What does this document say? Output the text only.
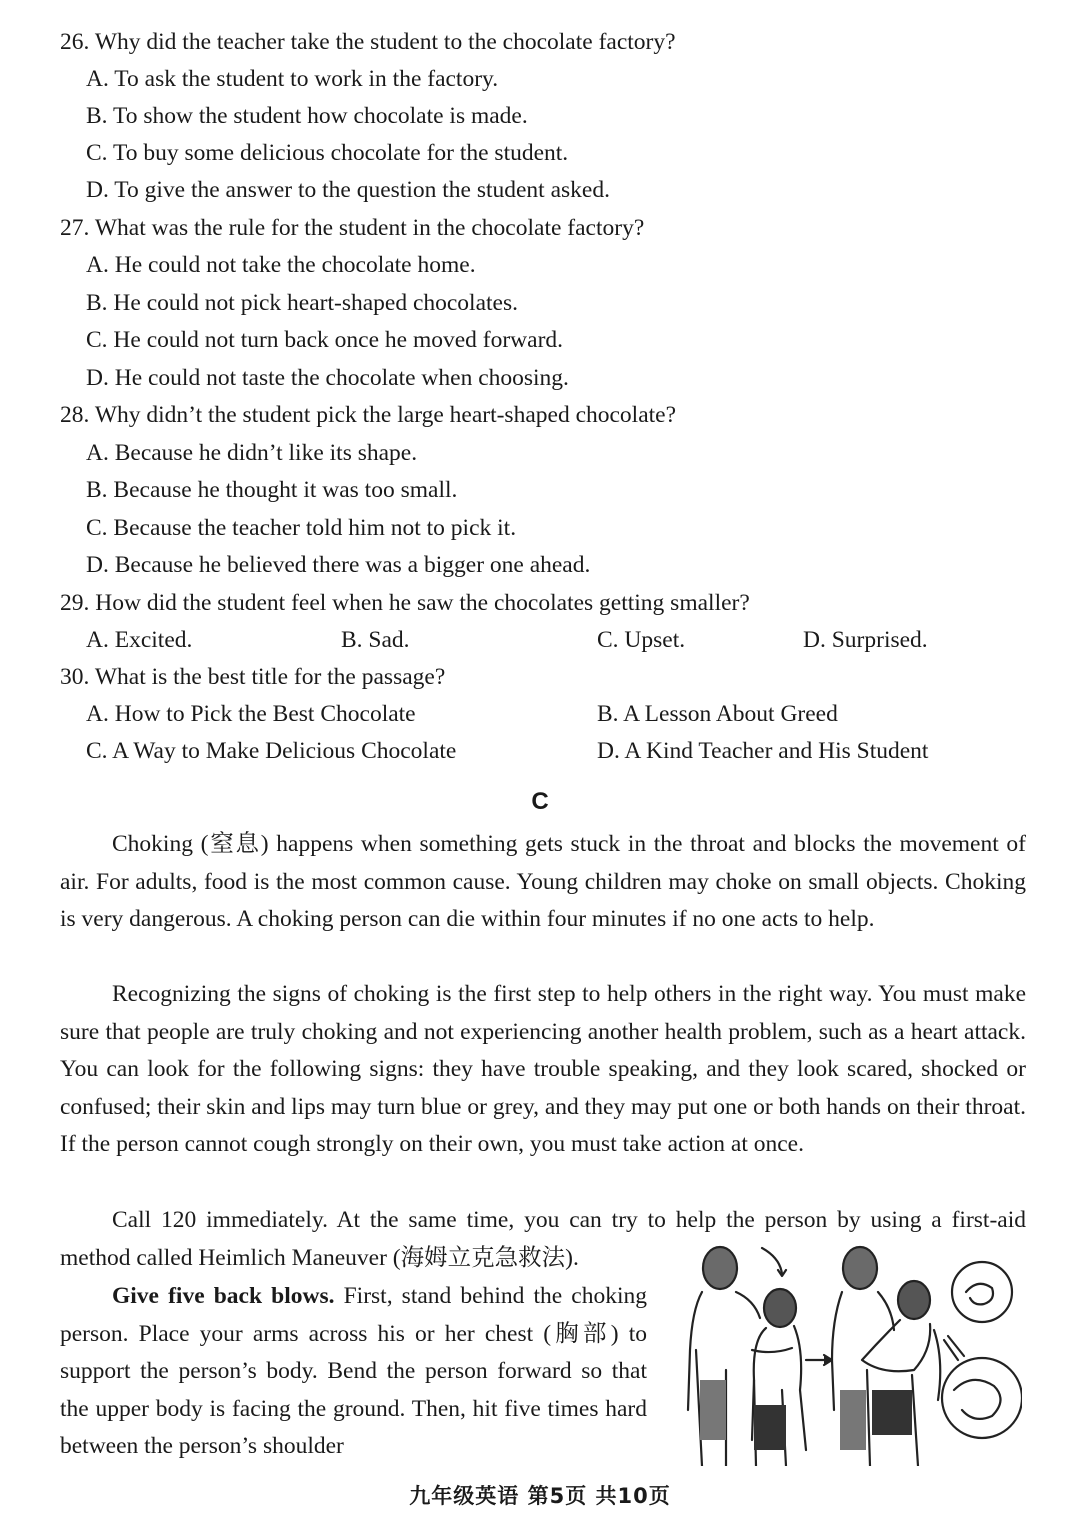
26. Why did the teacher take the student to the chocolate factory?
A. To ask the student to work in the factory.
B. To show the student how chocolate is made.
C. To buy some delicious chocolate for the student.
D. To give the answer to the question the student asked.
27. What was the rule for the student in the chocolate factory?
A. He could not take the chocolate home.
B. He could not pick heart-shaped chocolates.
C. He could not turn back once he moved forward.
D. He could not taste the chocolate when choosing.
28. Why didn’t the student pick the large heart-shaped chocolate?
A. Because he didn’t like its shape.
B. Because he thought it was too small.
C. Because the teacher told him not to pick it.
D. Because he believed there was a bigger one ahead.
29. How did the student feel when he saw the chocolates getting smaller?
A. Excited.	B. Sad.	C. Upset.	D. Surprised.
30. What is the best title for the passage?
A. How to Pick the Best Chocolate	B. A Lesson About Greed
C. A Way to Make Delicious Chocolate	D. A Kind Teacher and His Student
C

Choking (窒息) happens when something gets stuck in the throat and blocks the movement of air. For adults, food is the most common cause. Young children may choke on small objects. Choking is very dangerous. A choking person can die within four minutes if no one acts to help.

Recognizing the signs of choking is the first step to help others in the right way. You must make sure that people are truly choking and not experiencing another health problem, such as a heart attack. You can look for the following signs: they have trouble speaking, and they look scared, shocked or confused; their skin and lips may turn blue or grey, and they may put one or both hands on their throat. If the person cannot cough strongly on their own, you must take action at once.

Call 120 immediately. At the same time, you can try to help the person by using a first-aid method called Heimlich Maneuver (海姆立克急救法).

Give five back blows. First, stand behind the choking person. Place your arms across his or her chest (胸部) to support the person’s body. Bend the person forward so that the upper body is facing the ground. Then, hit five times hard between the person’s shoulder

九年级英语 第5页 共10页
